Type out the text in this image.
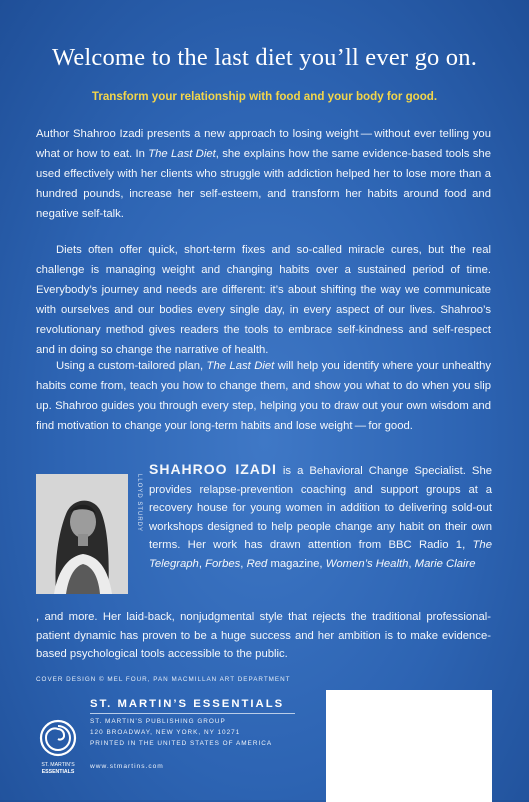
Welcome to the last diet you’ll ever go on.
Transform your relationship with food and your body for good.

Author Shahroo Izadi presents a new approach to losing weight — without ever telling you what or how to eat. In The Last Diet, she explains how the same evidence-based tools she used effectively with her clients who struggle with addiction helped her to lose more than a hundred pounds, increase her self-esteem, and transform her habits around food and negative self-talk.

Diets often offer quick, short-term fixes and so-called miracle cures, but the real challenge is managing weight and changing habits over a sustained period of time. Everybody’s journey and needs are different: it’s about shifting the way we communicate with ourselves and our bodies every single day, in every aspect of our lives. Shahroo’s revolutionary method gives readers the tools to embrace self-kindness and self-respect and in doing so change the narrative of health.

Using a custom-tailored plan, The Last Diet will help you identify where your unhealthy habits come from, teach you how to change them, and show you what to do when you slip up. Shahroo guides you through every step, helping you to draw out your own wisdom and find motivation to change your long-term habits and lose weight — for good.

LLOYD STURDY

SHAHROO IZADI is a Behavioral Change Specialist. She provides relapse-prevention coaching and support groups at a recovery house for young women in addition to delivering sold-out workshops designed to help people change any habit on their own terms. Her work has drawn attention from BBC Radio 1, The Telegraph, Forbes, Red magazine, Women’s Health, Marie Claire

, and more. Her laid-back, nonjudgmental style that rejects the traditional professional-patient dynamic has proven to be a huge success and her ambition is to make evidence-based psychological tools accessible to the public.

COVER DESIGN © MEL FOUR, PAN MACMILLAN ART DEPARTMENT
ST. MARTIN’S
ESSENTIALS
ST. MARTIN’S ESSENTIALS
ST. MARTIN’S PUBLISHING GROUP
120 BROADWAY, NEW YORK, NY 10271
PRINTED IN THE UNITED STATES OF AMERICA
www.stmartins.com
